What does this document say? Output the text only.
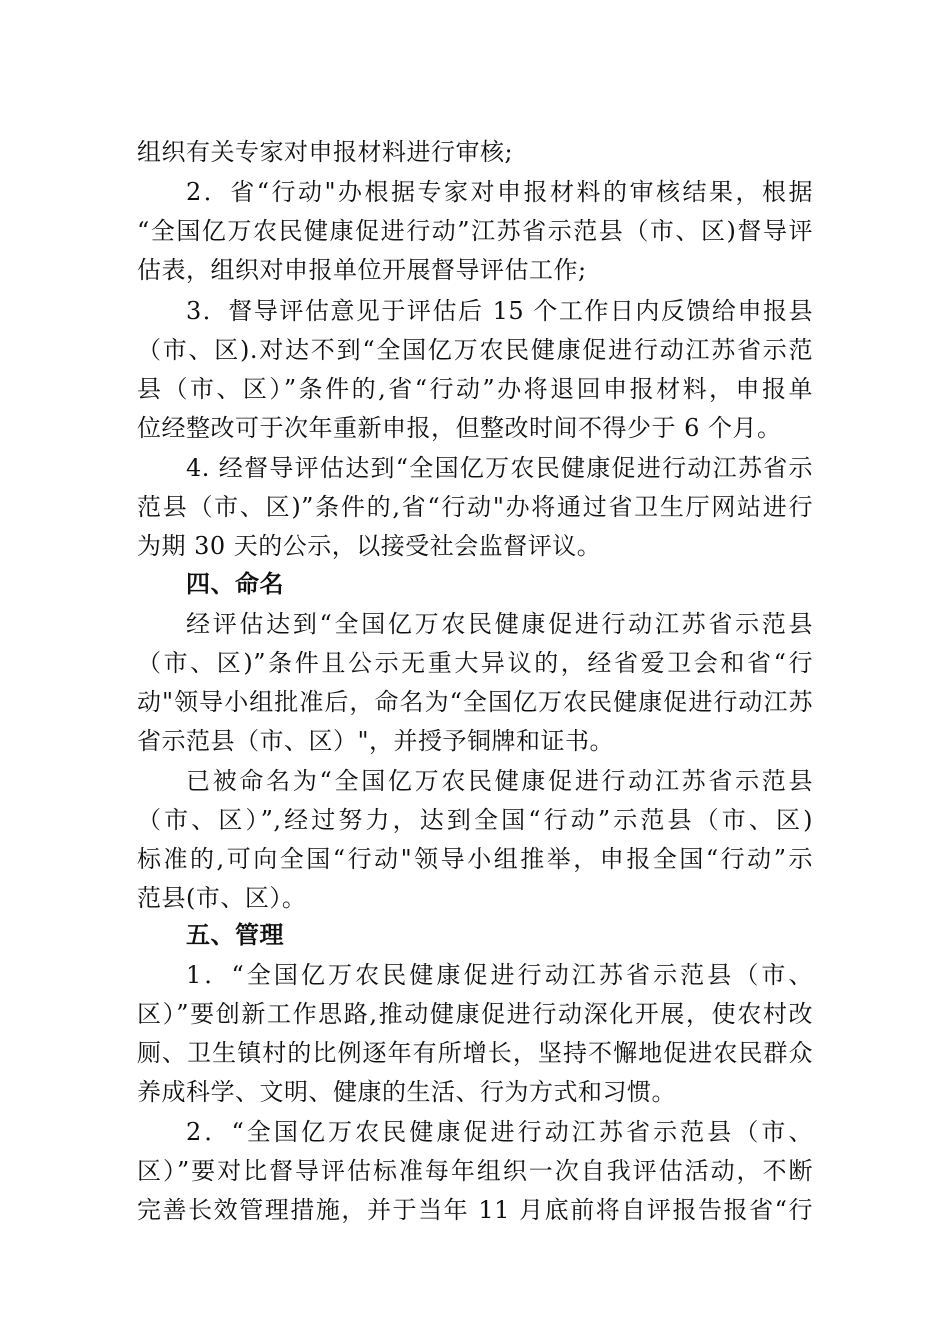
组织有关专家对申报材料进行审核;

2．省“行动"办根据专家对申报材料的审核结果，根据

“全国亿万农民健康促进行动”江苏省示范县（市、区)督导评

估表，组织对申报单位开展督导评估工作;

3．督导评估意见于评估后 15 个工作日内反馈给申报县

（市、区).对达不到“全国亿万农民健康促进行动江苏省示范

县（市、区）”条件的,省“行动”办将退回申报材料，申报单

位经整改可于次年重新申报，但整改时间不得少于 6 个月。

4. 经督导评估达到“全国亿万农民健康促进行动江苏省示

范县（市、区)”条件的,省“行动"办将通过省卫生厅网站进行

为期 30 天的公示，以接受社会监督评议。

四、命名

经评估达到“全国亿万农民健康促进行动江苏省示范县

（市、区)”条件且公示无重大异议的，经省爱卫会和省“行

动"领导小组批准后，命名为“全国亿万农民健康促进行动江苏

省示范县（市、区）"，并授予铜牌和证书。

已被命名为“全国亿万农民健康促进行动江苏省示范县

（市、区）”,经过努力，达到全国“行动”示范县（市、区)

标准的,可向全国“行动"领导小组推举，申报全国“行动”示

范县(市、区）。

五、管理

1．“全国亿万农民健康促进行动江苏省示范县（市、

区）”要创新工作思路,推动健康促进行动深化开展，使农村改

厕、卫生镇村的比例逐年有所增长，坚持不懈地促进农民群众

养成科学、文明、健康的生活、行为方式和习惯。

2．“全国亿万农民健康促进行动江苏省示范县（市、

区）”要对比督导评估标准每年组织一次自我评估活动，不断

完善长效管理措施，并于当年 11 月底前将自评报告报省“行
